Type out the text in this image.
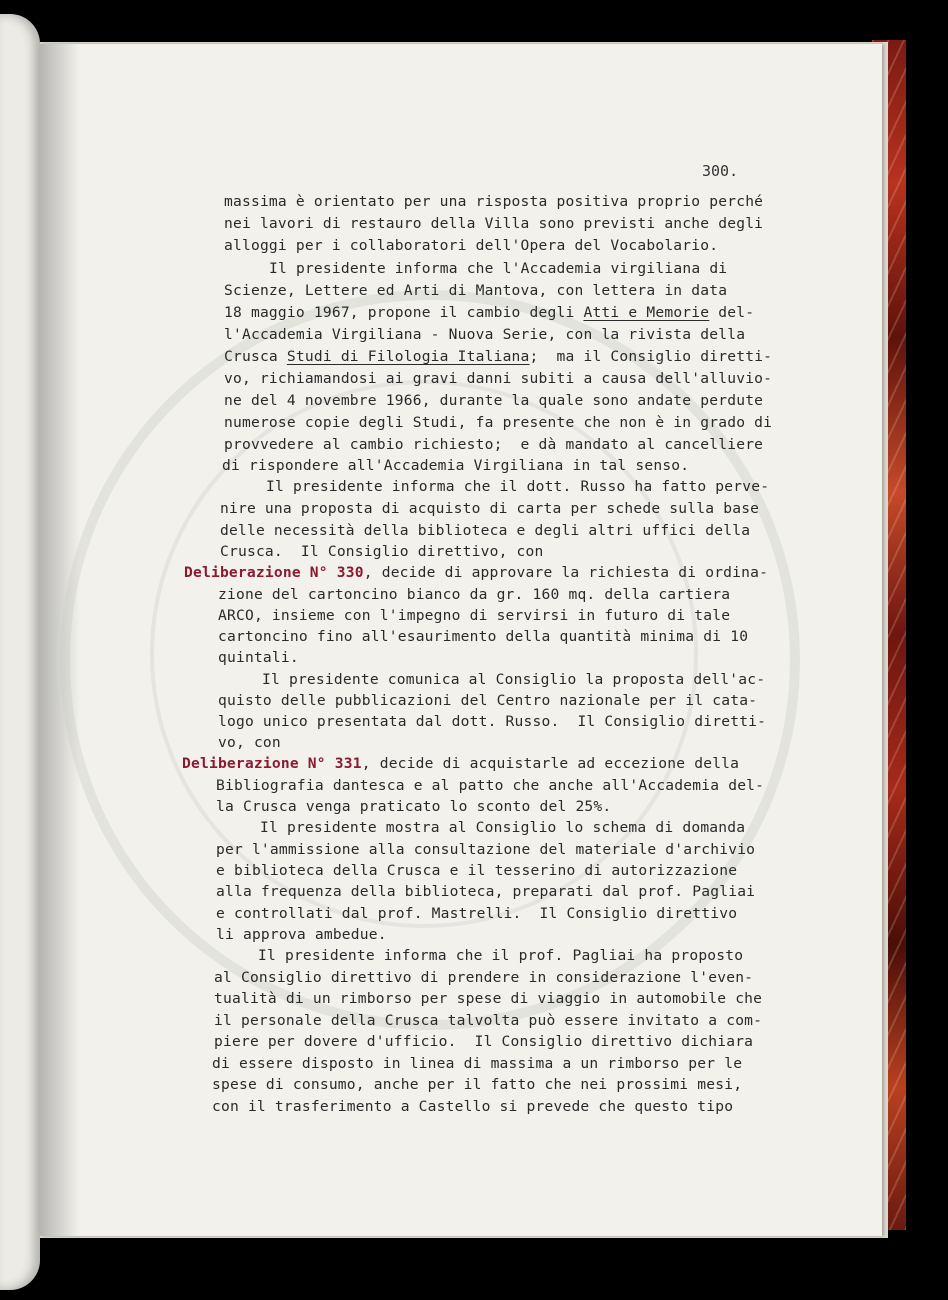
300.
massima è orientato per una risposta positiva proprio perché
nei lavori di restauro della Villa sono previsti anche degli
alloggi per i collaboratori dell'Opera del Vocabolario.
Il presidente informa che l'Accademia virgiliana di
Scienze, Lettere ed Arti di Mantova, con lettera in data
18 maggio 1967, propone il cambio degli Atti e Memorie del-
l'Accademia Virgiliana - Nuova Serie, con la rivista della
Crusca Studi di Filologia Italiana;  ma il Consiglio diretti-
vo, richiamandosi ai gravi danni subiti a causa dell'alluvio-
ne del 4 novembre 1966, durante la quale sono andate perdute
numerose copie degli Studi, fa presente che non è in grado di
provvedere al cambio richiesto;  e dà mandato al cancelliere
di rispondere all'Accademia Virgiliana in tal senso.
Il presidente informa che il dott. Russo ha fatto perve-
nire una proposta di acquisto di carta per schede sulla base
delle necessità della biblioteca e degli altri uffici della
Crusca.  Il Consiglio direttivo, con
Deliberazione N° 330, decide di approvare la richiesta di ordina-
zione del cartoncino bianco da gr. 160 mq. della cartiera
ARCO, insieme con l'impegno di servirsi in futuro di tale
cartoncino fino all'esaurimento della quantità minima di 10
quintali.
Il presidente comunica al Consiglio la proposta dell'ac-
quisto delle pubblicazioni del Centro nazionale per il cata-
logo unico presentata dal dott. Russo.  Il Consiglio diretti-
vo, con
Deliberazione N° 331, decide di acquistarle ad eccezione della
Bibliografia dantesca e al patto che anche all'Accademia del-
la Crusca venga praticato lo sconto del 25%.
Il presidente mostra al Consiglio lo schema di domanda
per l'ammissione alla consultazione del materiale d'archivio
e biblioteca della Crusca e il tesserino di autorizzazione
alla frequenza della biblioteca, preparati dal prof. Pagliai
e controllati dal prof. Mastrelli.  Il Consiglio direttivo
li approva ambedue.
Il presidente informa che il prof. Pagliai ha proposto
al Consiglio direttivo di prendere in considerazione l'even-
tualità di un rimborso per spese di viaggio in automobile che
il personale della Crusca talvolta può essere invitato a com-
piere per dovere d'ufficio.  Il Consiglio direttivo dichiara
di essere disposto in linea di massima a un rimborso per le
spese di consumo, anche per il fatto che nei prossimi mesi,
con il trasferimento a Castello si prevede che questo tipo
